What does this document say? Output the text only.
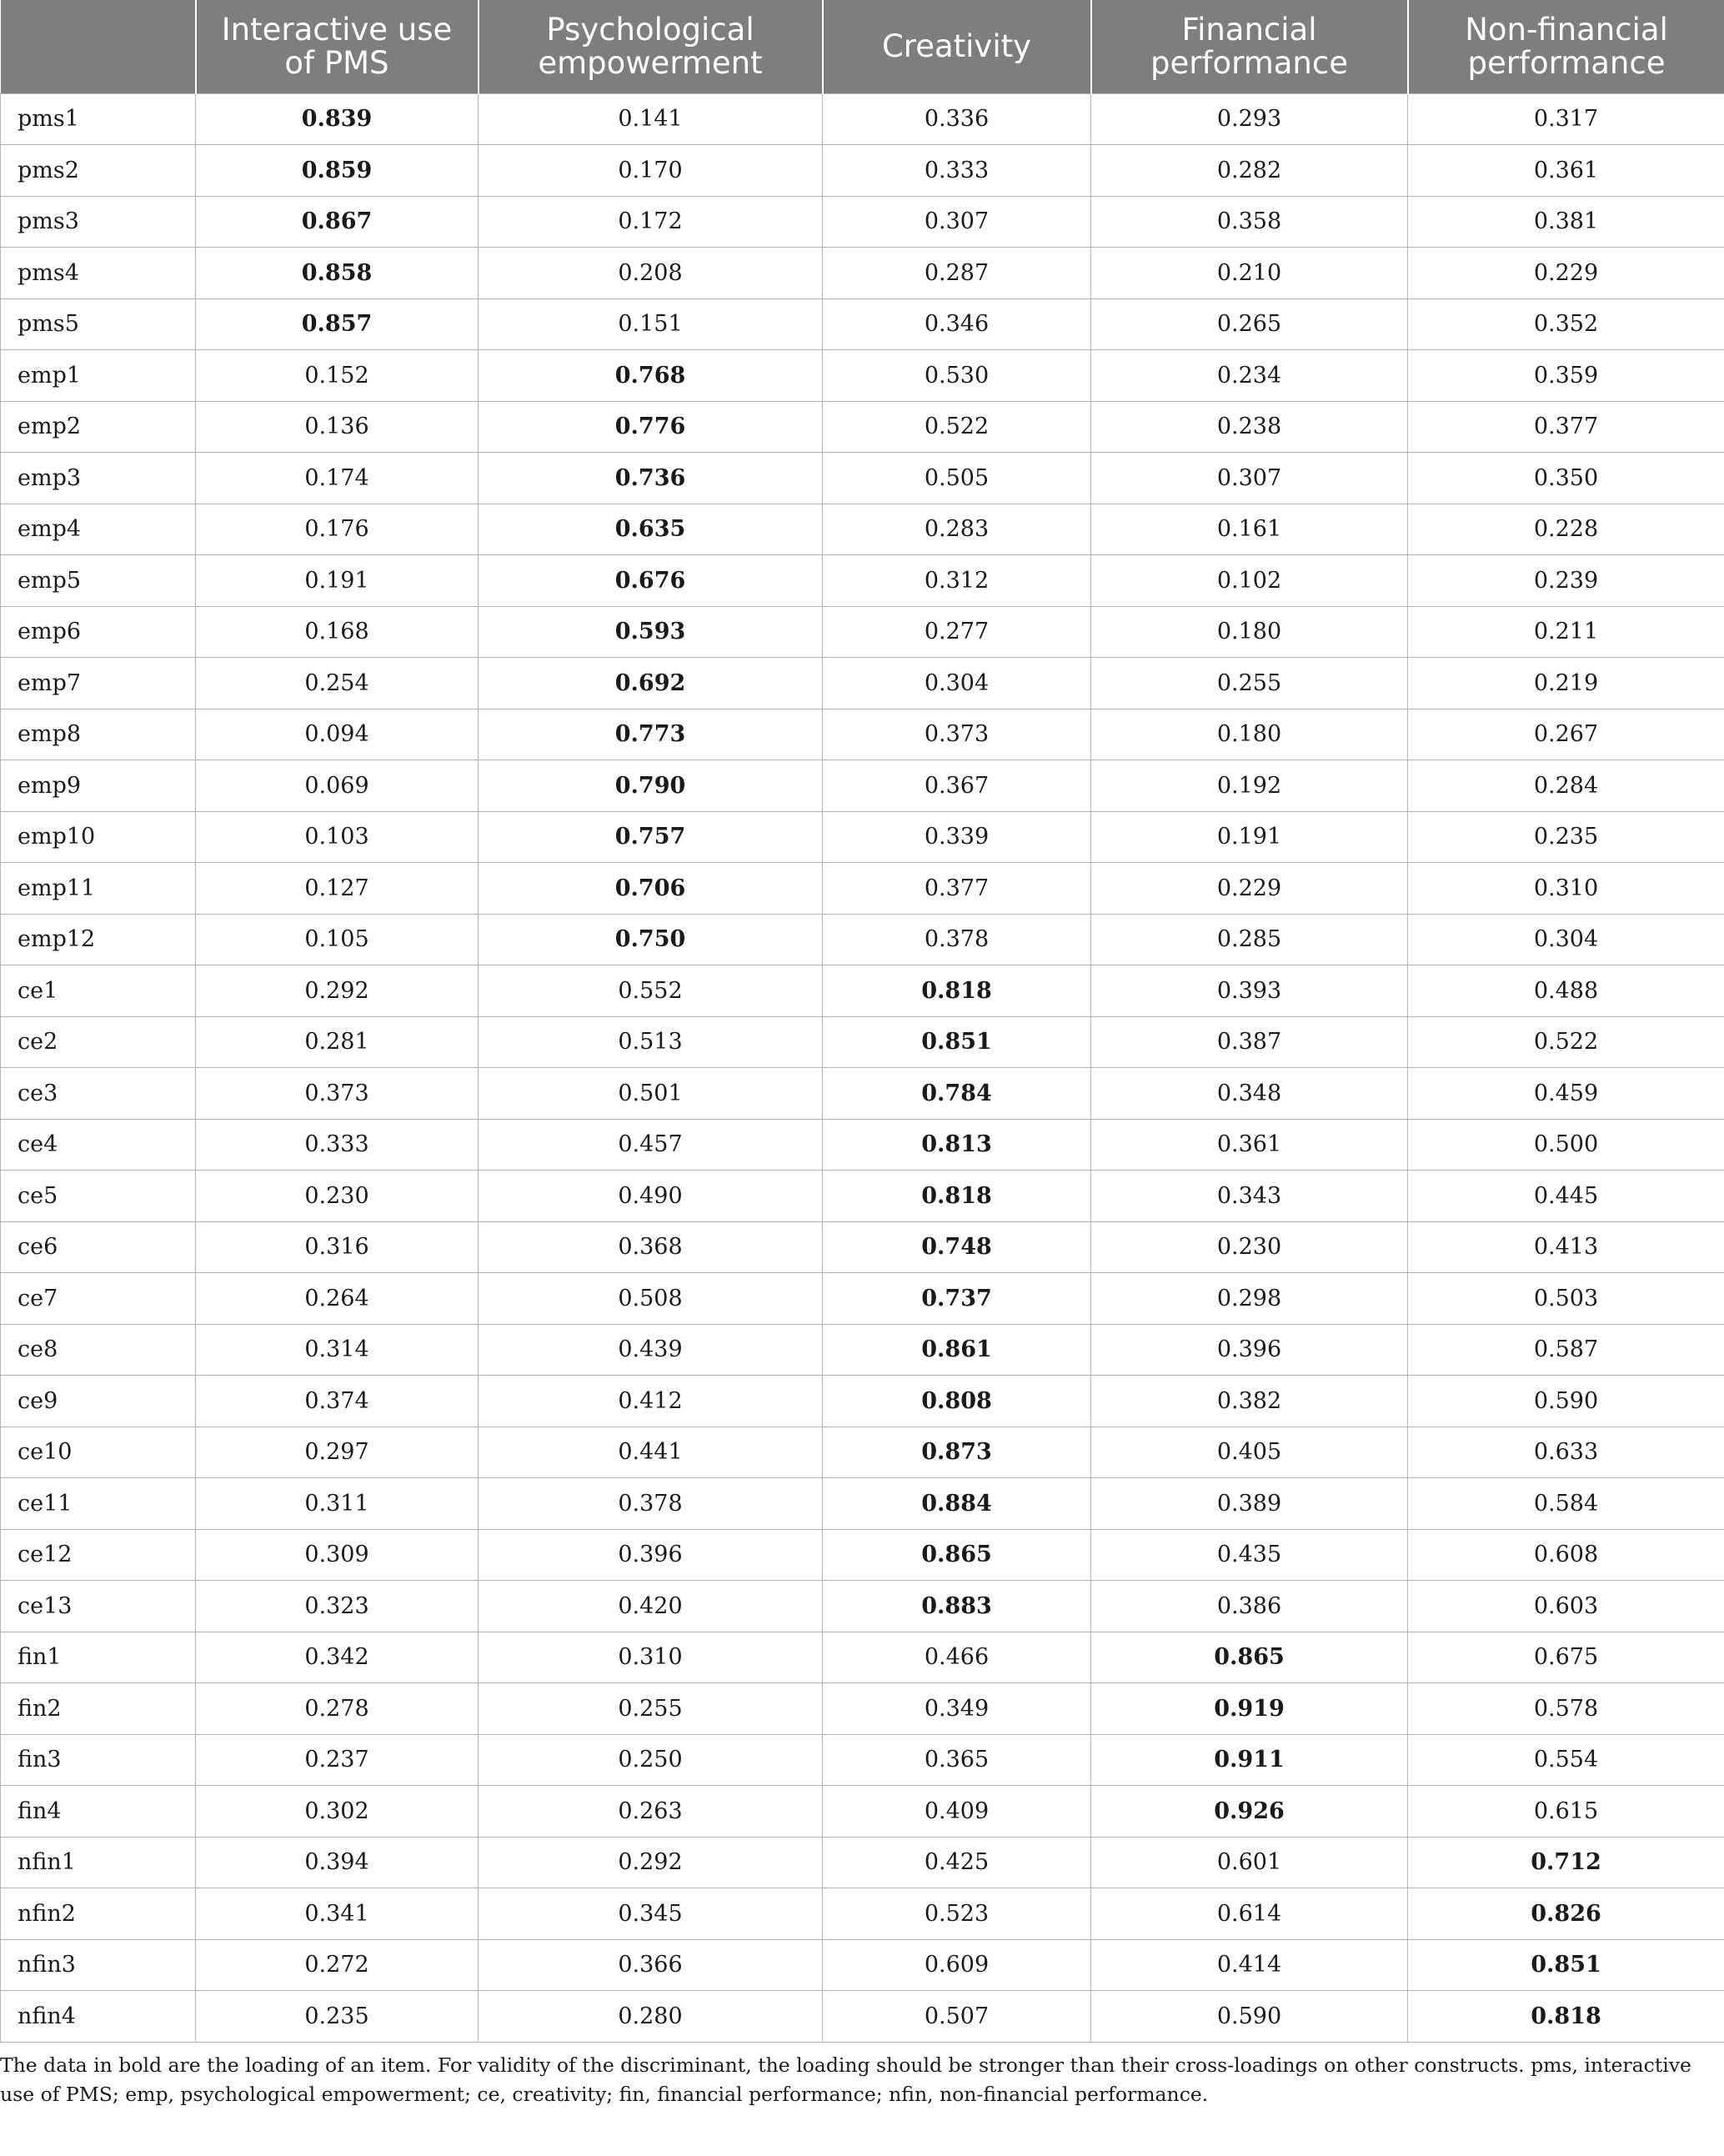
	Interactive use of PMS	Psychological empowerment	Creativity	Financial performance	Non-financial performance
pms1	0.839	0.141	0.336	0.293	0.317
pms2	0.859	0.170	0.333	0.282	0.361
pms3	0.867	0.172	0.307	0.358	0.381
pms4	0.858	0.208	0.287	0.210	0.229
pms5	0.857	0.151	0.346	0.265	0.352
emp1	0.152	0.768	0.530	0.234	0.359
emp2	0.136	0.776	0.522	0.238	0.377
emp3	0.174	0.736	0.505	0.307	0.350
emp4	0.176	0.635	0.283	0.161	0.228
emp5	0.191	0.676	0.312	0.102	0.239
emp6	0.168	0.593	0.277	0.180	0.211
emp7	0.254	0.692	0.304	0.255	0.219
emp8	0.094	0.773	0.373	0.180	0.267
emp9	0.069	0.790	0.367	0.192	0.284
emp10	0.103	0.757	0.339	0.191	0.235
emp11	0.127	0.706	0.377	0.229	0.310
emp12	0.105	0.750	0.378	0.285	0.304
ce1	0.292	0.552	0.818	0.393	0.488
ce2	0.281	0.513	0.851	0.387	0.522
ce3	0.373	0.501	0.784	0.348	0.459
ce4	0.333	0.457	0.813	0.361	0.500
ce5	0.230	0.490	0.818	0.343	0.445
ce6	0.316	0.368	0.748	0.230	0.413
ce7	0.264	0.508	0.737	0.298	0.503
ce8	0.314	0.439	0.861	0.396	0.587
ce9	0.374	0.412	0.808	0.382	0.590
ce10	0.297	0.441	0.873	0.405	0.633
ce11	0.311	0.378	0.884	0.389	0.584
ce12	0.309	0.396	0.865	0.435	0.608
ce13	0.323	0.420	0.883	0.386	0.603
fin1	0.342	0.310	0.466	0.865	0.675
fin2	0.278	0.255	0.349	0.919	0.578
fin3	0.237	0.250	0.365	0.911	0.554
fin4	0.302	0.263	0.409	0.926	0.615
nfin1	0.394	0.292	0.425	0.601	0.712
nfin2	0.341	0.345	0.523	0.614	0.826
nfin3	0.272	0.366	0.609	0.414	0.851
nfin4	0.235	0.280	0.507	0.590	0.818

The data in bold are the loading of an item. For validity of the discriminant, the loading should be stronger than their cross-loadings on other constructs. pms, interactive use of PMS; emp, psychological empowerment; ce, creativity; fin, financial performance; nfin, non-financial performance.
